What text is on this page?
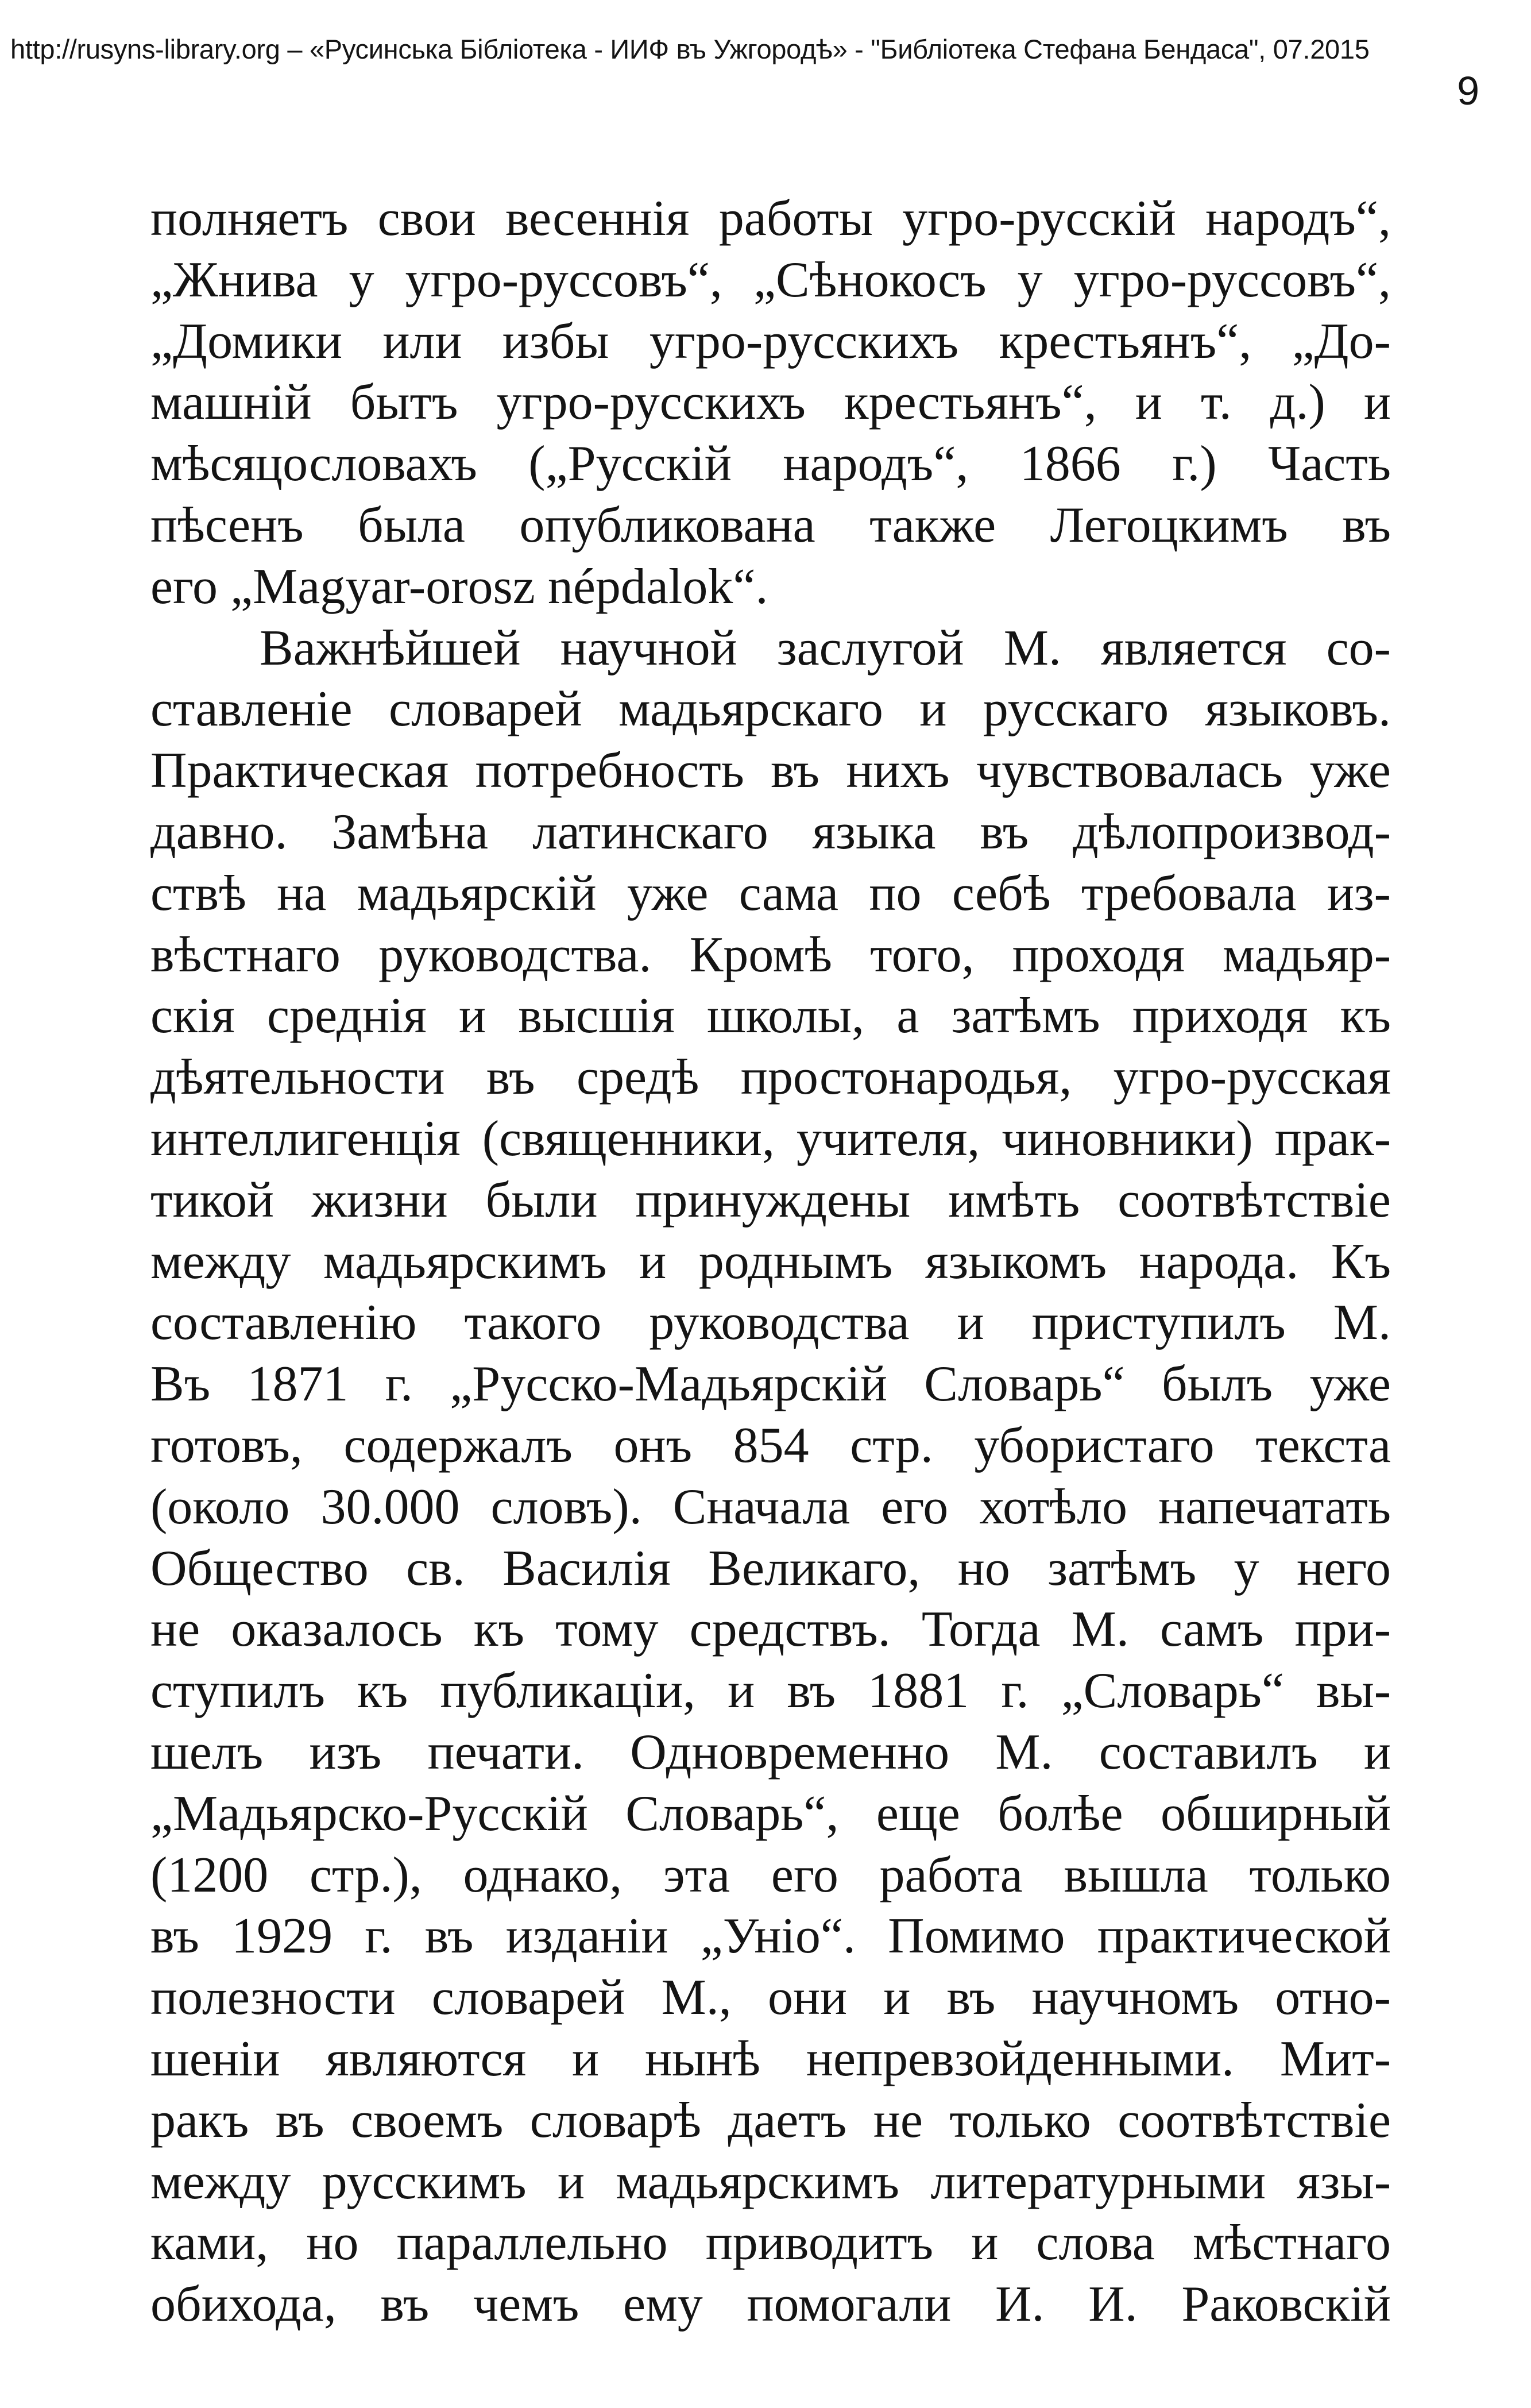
http://rusyns-library.org – «Русинська Бібліотека - ИИФ въ Ужгородѣ» - "Библіотека Стефана Бендаса", 07.2015
9
полняетъ свои весеннія работы угро-русскій народъ“,
„Жнива у угро-руссовъ“, „Сѣнокосъ у угро-руссовъ“,
„Домики или избы угро-русскихъ крестьянъ“, „До-
машній бытъ угро-русскихъ крестьянъ“, и т. д.) и
мѣсяцословахъ („Русскій народъ“, 1866 г.) Часть
пѣсенъ была опубликована также Легоцкимъ въ
его „Magyar-orosz népdalok“.
Важнѣйшей научной заслугой М. является со-
ставленіе словарей мадьярскаго и русскаго языковъ.
Практическая потребность въ нихъ чувствовалась уже
давно. Замѣна латинскаго языка въ дѣлопроизвод-
ствѣ на мадьярскій уже сама по себѣ требовала из-
вѣстнаго руководства. Кромѣ того, проходя мадьяр-
скія среднія и высшія школы, а затѣмъ приходя къ
дѣятельности въ средѣ простонародья, угро-русская
интеллигенція (священники, учителя, чиновники) прак-
тикой жизни были принуждены имѣть соотвѣтствіе
между мадьярскимъ и роднымъ языкомъ народа. Къ
составленію такого руководства и приступилъ М.
Въ 1871 г. „Русско-Мадьярскій Словарь“ былъ уже
готовъ, содержалъ онъ 854 стр. убористаго текста
(около 30.000 словъ). Сначала его хотѣло напечатать
Общество св. Василія Великаго, но затѣмъ у него
не оказалось къ тому средствъ. Тогда М. самъ при-
ступилъ къ публикаціи, и въ 1881 г. „Словарь“ вы-
шелъ изъ печати. Одновременно М. составилъ и
„Мадьярско-Русскій Словарь“, еще болѣе обширный
(1200 стр.), однако, эта его работа вышла только
въ 1929 г. въ изданіи „Уніо“. Помимо практической
полезности словарей М., они и въ научномъ отно-
шеніи являются и нынѣ непревзойденными. Мит-
ракъ въ своемъ словарѣ даетъ не только соотвѣтствіе
между русскимъ и мадьярскимъ литературными язы-
ками, но параллельно приводитъ и слова мѣстнаго
обихода, въ чемъ ему помогали И. И. Раковскій
